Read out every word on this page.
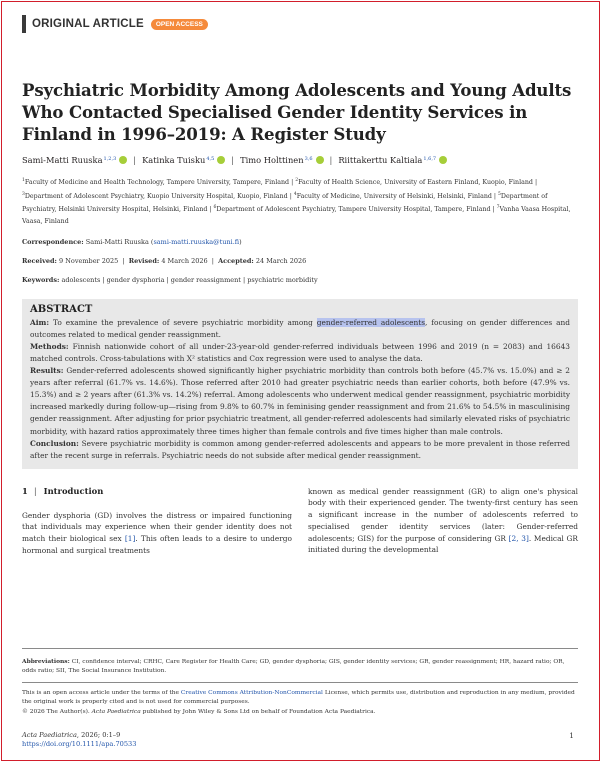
ORIGINAL ARTICLE	OPEN ACCESS
Psychiatric Morbidity Among Adolescents and Young Adults Who Contacted Specialised Gender Identity Services in Finland in 1996–2019: A Register Study
Sami-Matti Ruuska$^{1,2,3}$ | Katinka Tuisku$^{4,5}$ | Timo Holttinen$^{3,6}$ | Riittakerttu Kaltiala$^{1,6,7}$
$^1$Faculty of Medicine and Health Technology, Tampere University, Tampere, Finland | $^2$Faculty of Health Science, University of Eastern Finland, Kuopio, Finland | $^3$Department of Adolescent Psychiatry, Kuopio University Hospital, Kuopio, Finland | $^4$Faculty of Medicine, University of Helsinki, Helsinki, Finland | $^5$Department of Psychiatry, Helsinki University Hospital, Helsinki, Finland | $^6$Department of Adolescent Psychiatry, Tampere University Hospital, Tampere, Finland | $^7$Vanha Vaasa Hospital, Vaasa, Finland
Correspondence: Sami-Matti Ruuska (sami-matti.ruuska@tuni.fi)
Received: 9 November 2025  |  Revised: 4 March 2026  |  Accepted: 24 March 2026
Keywords: adolescents | gender dysphoria | gender reassignment | psychiatric morbidity
ABSTRACT

Aim: To examine the prevalence of severe psychiatric morbidity among gender-referred adolescents, focusing on gender differences and outcomes related to medical gender reassignment.

Methods: Finnish nationwide cohort of all under-23-year-old gender-referred individuals between 1996 and 2019 (n = 2083) and 16643 matched controls. Cross-tabulations with X² statistics and Cox regression were used to analyse the data.

Results: Gender-referred adolescents showed significantly higher psychiatric morbidity than controls both before (45.7% vs. 15.0%) and ≥ 2 years after referral (61.7% vs. 14.6%). Those referred after 2010 had greater psychiatric needs than earlier cohorts, both before (47.9% vs. 15.3%) and ≥ 2 years after (61.3% vs. 14.2%) referral. Among adolescents who underwent medical gender reassignment, psychiatric morbidity increased markedly during follow-up—rising from 9.8% to 60.7% in feminising gender reassignment and from 21.6% to 54.5% in masculinising gender reassignment. After adjusting for prior psychiatric treatment, all gender-referred adolescents had similarly elevated risks of psychiatric morbidity, with hazard ratios approximately three times higher than female controls and five times higher than male controls.

Conclusion: Severe psychiatric morbidity is common among gender-referred adolescents and appears to be more prevalent in those referred after the recent surge in referrals. Psychiatric needs do not subside after medical gender reassignment.

1 | Introduction

Gender dysphoria (GD) involves the distress or impaired functioning that individuals may experience when their gender identity does not match their biological sex [1]. This often leads to a desire to undergo hormonal and surgical treatments

known as medical gender reassignment (GR) to align one's physical body with their experienced gender. The twenty-first century has seen a significant increase in the number of adolescents referred to specialised gender identity services (later: Gender-referred adolescents; GIS) for the purpose of considering GR [2, 3]. Medical GR initiated during the developmental

Abbreviations: CI, confidence interval; CRHC, Care Register for Health Care; GD, gender dysphoria; GIS, gender identity services; GR, gender reassignment; HR, hazard ratio; OR, odds ratio; SII, The Social Insurance Institution.
This is an open access article under the terms of the Creative Commons Attribution-NonCommercial License, which permits use, distribution and reproduction in any medium, provided the original work is properly cited and is not used for commercial purposes.
© 2026 The Author(s). Acta Paediatrica published by John Wiley & Sons Ltd on behalf of Foundation Acta Paediatrica.
Acta Paediatrica, 2026; 0:1–9
https://doi.org/10.1111/apa.70533
1
